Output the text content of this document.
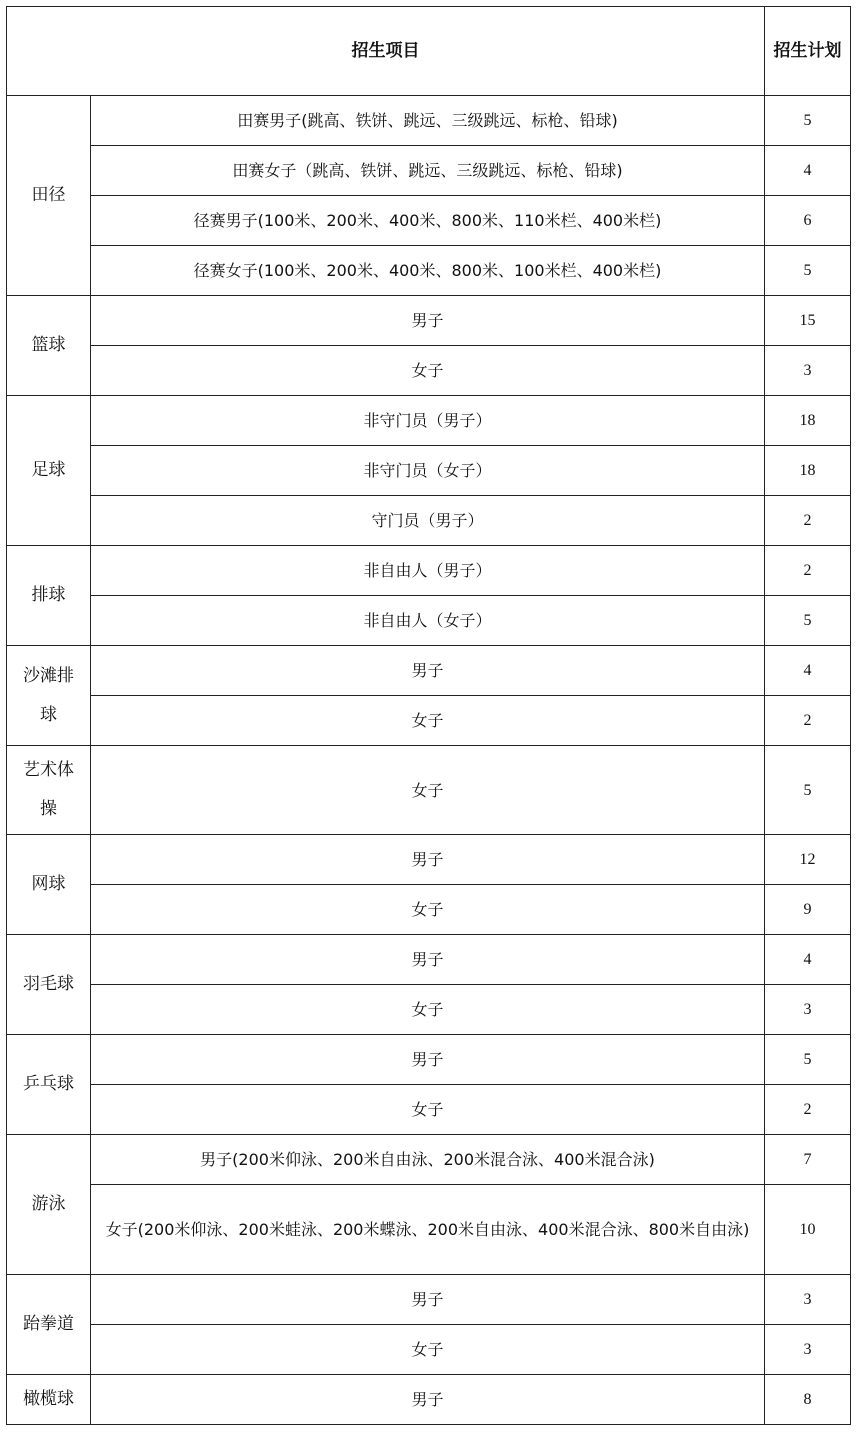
招生项目		招生计划
田径	田赛男子(跳高、铁饼、跳远、三级跳远、标枪、铅球)	5
	田赛女子（跳高、铁饼、跳远、三级跳远、标枪、铅球)	4
	径赛男子(100米、200米、400米、800米、110米栏、400米栏)	6
	径赛女子(100米、200米、400米、800米、100米栏、400米栏)	5
篮球	男子	15
	女子	3
足球	非守门员（男子）	18
	非守门员（女子）	18
	守门员（男子）	2
排球	非自由人（男子）	2
	非自由人（女子）	5
沙滩排球	男子	4
	女子	2
艺术体操	女子	5
网球	男子	12
	女子	9
羽毛球	男子	4
	女子	3
乒乓球	男子	5
	女子	2
游泳	男子(200米仰泳、200米自由泳、200米混合泳、400米混合泳)	7
	女子(200米仰泳、200米蛙泳、200米蝶泳、200米自由泳、400米混合泳、800米自由泳)	10
跆拳道	男子	3
	女子	3
橄榄球	男子	8
